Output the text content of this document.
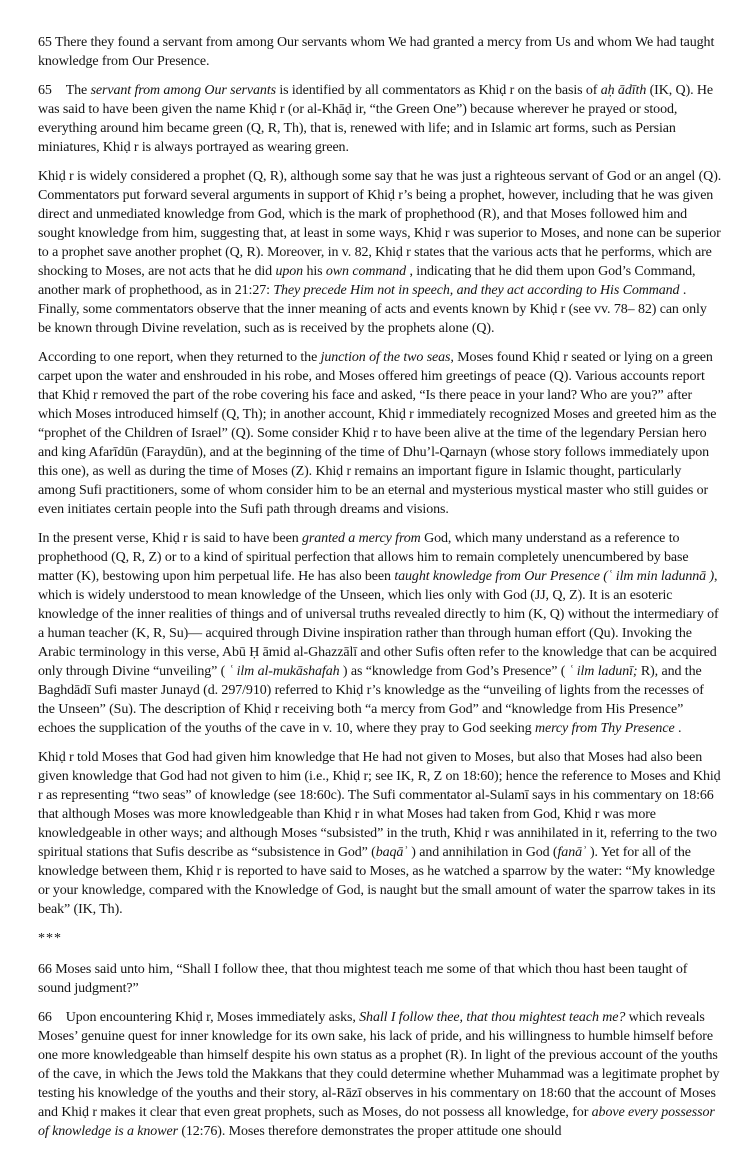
65 There they found a servant from among Our servants whom We had granted a mercy from Us and whom We had taught knowledge from Our Presence.

65 The servant from among Our servants is identified by all commentators as Khiḍ r on the basis of aḥ ādīth (IK, Q). He was said to have been given the name Khiḍ r (or al-Khāḍ ir, “the Green One”) because wherever he prayed or stood, everything around him became green (Q, R, Th), that is, renewed with life; and in Islamic art forms, such as Persian miniatures, Khiḍ r is always portrayed as wearing green.

Khiḍ r is widely considered a prophet (Q, R), although some say that he was just a righteous servant of God or an angel (Q). Commentators put forward several arguments in support of Khiḍ r’s being a prophet, however, including that he was given direct and unmediated knowledge from God, which is the mark of prophethood (R), and that Moses followed him and sought knowledge from him, suggesting that, at least in some ways, Khiḍ r was superior to Moses, and none can be superior to a prophet save another prophet (Q, R). Moreover, in v. 82, Khiḍ r states that the various acts that he performs, which are shocking to Moses, are not acts that he did upon his own command , indicating that he did them upon God’s Command, another mark of prophethood, as in 21:27: They precede Him not in speech, and they act according to His Command . Finally, some commentators observe that the inner meaning of acts and events known by Khiḍ r (see vv. 78– 82) can only be known through Divine revelation, such as is received by the prophets alone (Q).

According to one report, when they returned to the junction of the two seas, Moses found Khiḍ r seated or lying on a green carpet upon the water and enshrouded in his robe, and Moses offered him greetings of peace (Q). Various accounts report that Khiḍ r removed the part of the robe covering his face and asked, “Is there peace in your land? Who are you?” after which Moses introduced himself (Q, Th); in another account, Khiḍ r immediately recognized Moses and greeted him as the “prophet of the Children of Israel” (Q). Some consider Khiḍ r to have been alive at the time of the legendary Persian hero and king Afarīdūn (Faraydūn), and at the beginning of the time of Dhu’l-Qarnayn (whose story follows immediately upon this one), as well as during the time of Moses (Z). Khiḍ r remains an important figure in Islamic thought, particularly among Sufi practitioners, some of whom consider him to be an eternal and mysterious mystical master who still guides or even initiates certain people into the Sufi path through dreams and visions.

In the present verse, Khiḍ r is said to have been granted a mercy from God, which many understand as a reference to prophethood (Q, R, Z) or to a kind of spiritual perfection that allows him to remain completely unencumbered by base matter (K), bestowing upon him perpetual life. He has also been taught knowledge from Our Presence (ʿ ilm min ladunnā ), which is widely understood to mean knowledge of the Unseen, which lies only with God (JJ, Q, Z). It is an esoteric knowledge of the inner realities of things and of universal truths revealed directly to him (K, Q) without the intermediary of a human teacher (K, R, Su)— acquired through Divine inspiration rather than through human effort (Qu). Invoking the Arabic terminology in this verse, Abū Ḥ āmid al-Ghazzālī and other Sufis often refer to the knowledge that can be acquired only through Divine “unveiling” ( ʿ ilm al-mukāshafah ) as “knowledge from God’s Presence” ( ʿ ilm ladunī; R), and the Baghdādī Sufi master Junayd (d. 297/910) referred to Khiḍ r’s knowledge as the “unveiling of lights from the recesses of the Unseen” (Su). The description of Khiḍ r receiving both “a mercy from God” and “knowledge from His Presence” echoes the supplication of the youths of the cave in v. 10, where they pray to God seeking mercy from Thy Presence .

Khiḍ r told Moses that God had given him knowledge that He had not given to Moses, but also that Moses had also been given knowledge that God had not given to him (i.e., Khiḍ r; see IK, R, Z on 18:60); hence the reference to Moses and Khiḍ r as representing “two seas” of knowledge (see 18:60c). The Sufi commentator al-Sulamī says in his commentary on 18:66 that although Moses was more knowledgeable than Khiḍ r in what Moses had taken from God, Khiḍ r was more knowledgeable in other ways; and although Moses “subsisted” in the truth, Khiḍ r was annihilated in it, referring to the two spiritual stations that Sufis describe as “subsistence in God” (baqāʾ ) and annihilation in God (fanāʾ ). Yet for all of the knowledge between them, Khiḍ r is reported to have said to Moses, as he watched a sparrow by the water: “My knowledge or your knowledge, compared with the Knowledge of God, is naught but the small amount of water the sparrow takes in its beak” (IK, Th).

***

66 Moses said unto him, “Shall I follow thee, that thou mightest teach me some of that which thou hast been taught of sound judgment?”

66 Upon encountering Khiḍ r, Moses immediately asks, Shall I follow thee, that thou mightest teach me? which reveals Moses’ genuine quest for inner knowledge for its own sake, his lack of pride, and his willingness to humble himself before one more knowledgeable than himself despite his own status as a prophet (R). In light of the previous account of the youths of the cave, in which the Jews told the Makkans that they could determine whether Muhammad was a legitimate prophet by testing his knowledge of the youths and their story, al-Rāzī observes in his commentary on 18:60 that the account of Moses and Khiḍ r makes it clear that even great prophets, such as Moses, do not possess all knowledge, for above every possessor of knowledge is a knower (12:76). Moses therefore demonstrates the proper attitude one should
